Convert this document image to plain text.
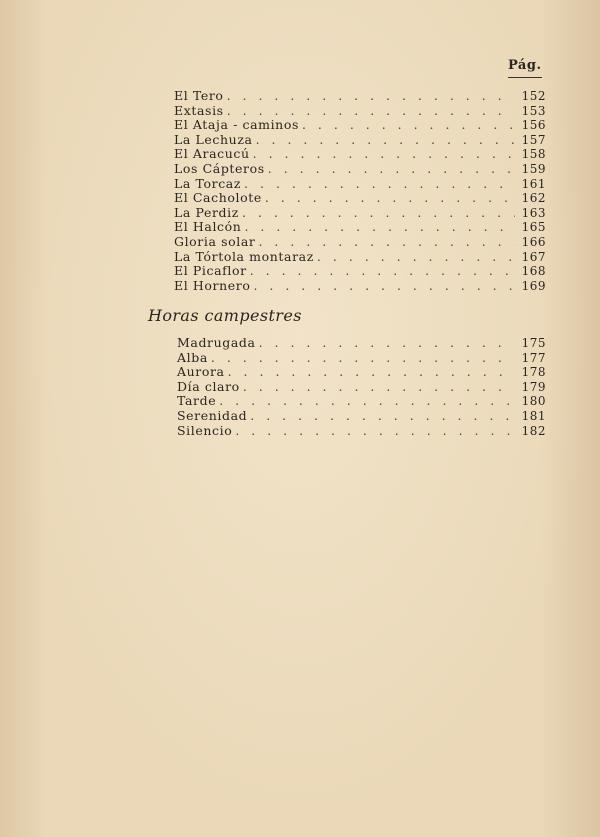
Pág.
El Tero . . .	152
Extasis . . .	153
El Ataja - caminos . . .	156
La Lechuza . . .	157
El Aracucú . . .	158
Los Cápteros . . .	159
La Torcaz . . .	161
El Cacholote . . .	162
La Perdiz . . .	163
El Halcón . . .	165
Gloria solar . . .	166
La Tórtola montaraz . . .	167
El Picaflor . . .	168
El Hornero . . .	169
Horas campestres
Madrugada . . .	175
Alba . . .	177
Aurora . . .	178
Día claro . . .	179
Tarde . . .	180
Serenidad . . .	181
Silencio . . .	182
